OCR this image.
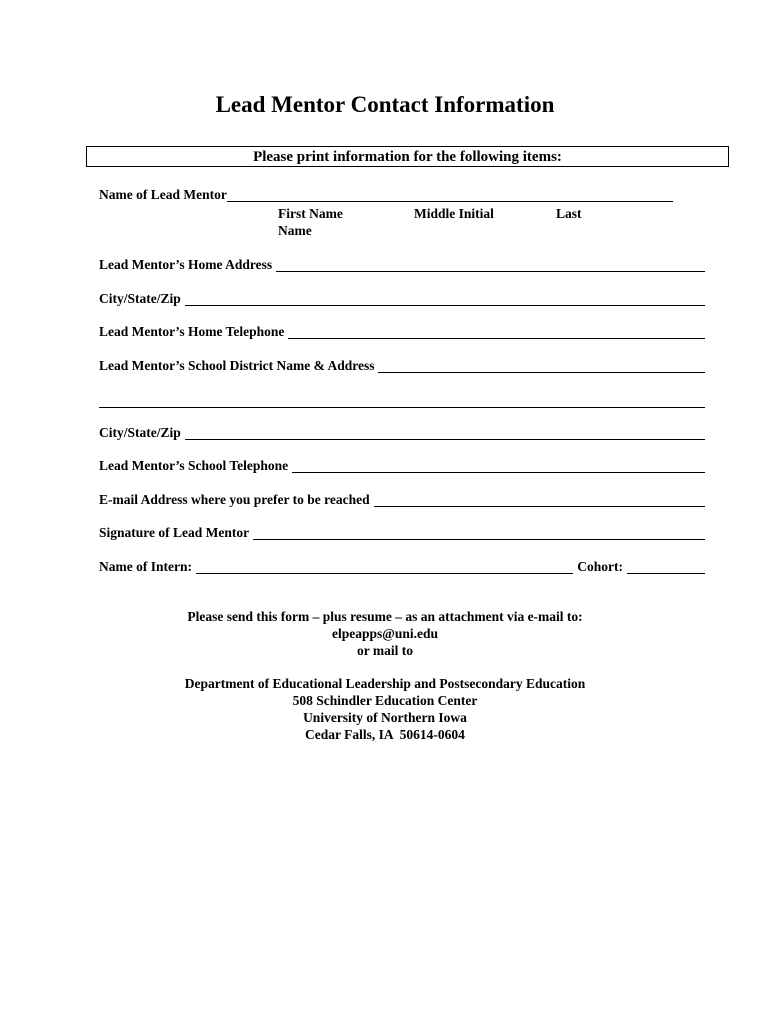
Lead Mentor Contact Information
Please print information for the following items:
Name of Lead Mentor
First Name
Name
Middle Initial	Last
Lead Mentor’s Home Address
City/State/Zip
Lead Mentor’s Home Telephone
Lead Mentor’s School District Name & Address
City/State/Zip
Lead Mentor’s School Telephone
E-mail Address where you prefer to be reached
Signature of Lead Mentor
Name of Intern:	Cohort:
Please send this form – plus resume – as an attachment via e-mail to:
elpeapps@uni.edu
or mail to
Department of Educational Leadership and Postsecondary Education
508 Schindler Education Center
University of Northern Iowa
Cedar Falls, IA  50614-0604
